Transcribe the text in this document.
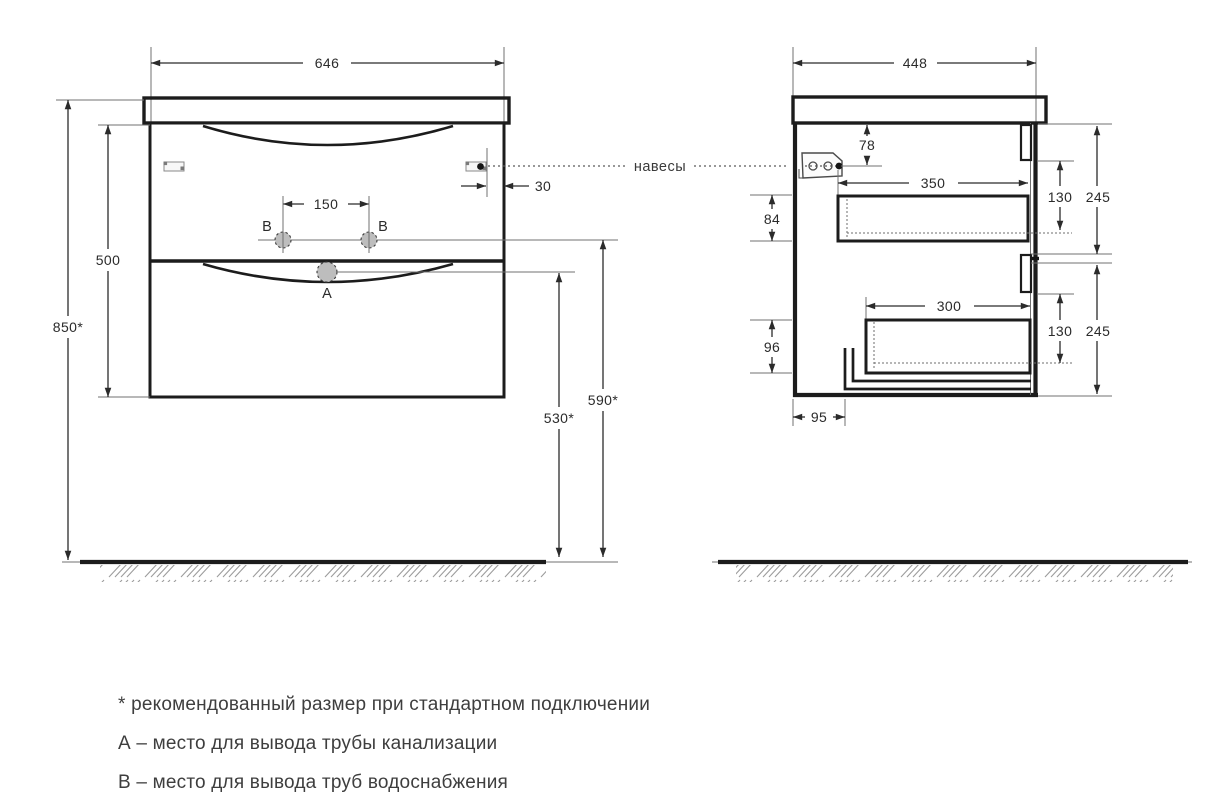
646
30
150
В	В
А
500
850*
530*
590*
навесы
448
78
350
84
300
96
95
130 245
130 245
* рекомендованный размер при стандартном подключении
А – место для вывода трубы канализации
В – место для вывода труб водоснабжения
